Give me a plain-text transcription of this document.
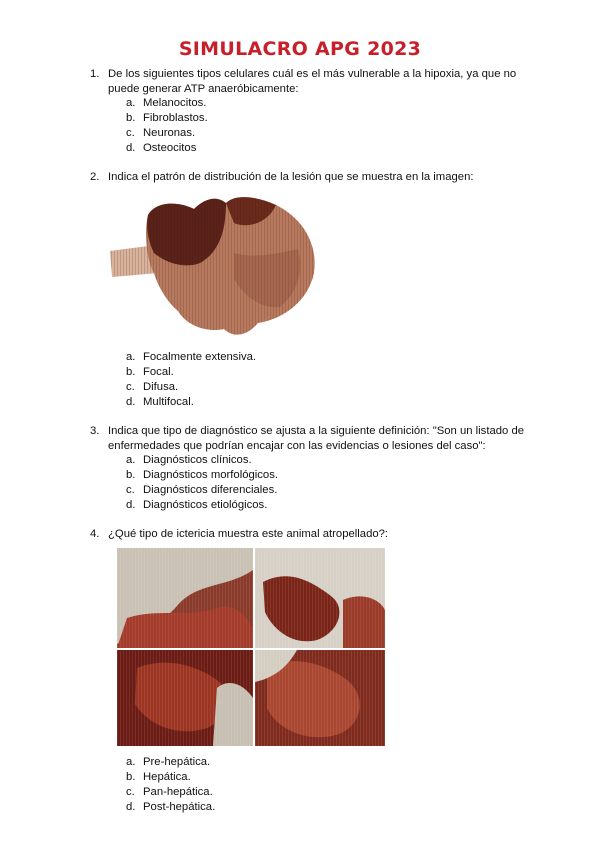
SIMULACRO APG 2023
1. De los siguientes tipos celulares cuál es el más vulnerable a la hipoxia, ya que no puede generar ATP anaeróbicamente:
a. Melanocitos.
b. Fibroblastos.
c. Neuronas.
d. Osteocitos
2. Indica el patrón de distribución de la lesión que se muestra en la imagen:
a. Focalmente extensiva.
b. Focal.
c. Difusa.
d. Multifocal.
3. Indica que tipo de diagnóstico se ajusta a la siguiente definición: "Son un listado de enfermedades que podrían encajar con las evidencias o lesiones del caso":
a. Diagnósticos clínicos.
b. Diagnósticos morfológicos.
c. Diagnósticos diferenciales.
d. Diagnósticos etiológicos.
4. ¿Qué tipo de ictericia muestra este animal atropellado?:
a. Pre-hepática.
b. Hepática.
c. Pan-hepática.
d. Post-hepática.
